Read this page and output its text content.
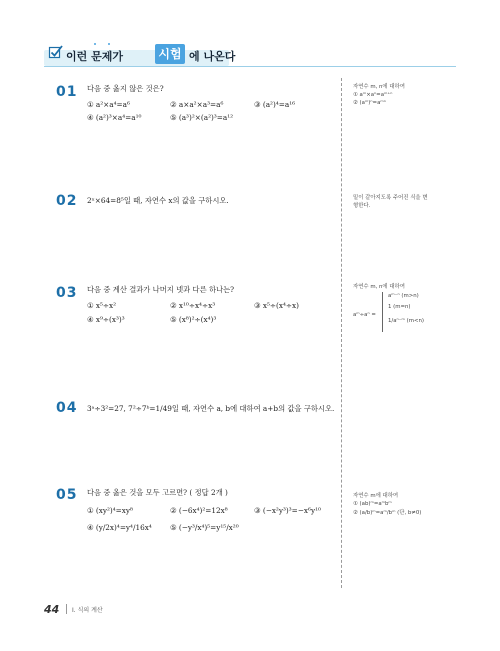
이런 문제가	시험 에 나온다
01 다음 중 옳지 않은 것은?
① a²×a⁴=a⁶	② a×a²×a³=a⁶	③ (a²)⁴=a¹⁶
④ (a²)³×a⁴=a¹⁰	⑤ (a³)²×(a²)³=a¹²
자연수 m, n에 대하여
① aᵐ×aⁿ=aᵐ⁺ⁿ
② (aᵐ)ⁿ=aᵐⁿ
02 2ˣ×64=8⁵일 때, 자연수 x의 값을 구하시오.	밑이 같아지도록 주어진 식을 변
형한다.
03 다음 중 계산 결과가 나머지 넷과 다른 하나는?
① x⁵÷x²	② x¹⁰÷x⁴÷x³	③ x⁵÷(x⁴÷x)
④ x⁹÷(x³)³	⑤ (x⁸)²÷(x⁴)³
자연수 m, n에 대하여
aᵐ÷aⁿ =
aᵐ⁻ⁿ (m>n)
1 (m=n)
1/aⁿ⁻ᵐ (m<n)
04 3ᵃ÷3²=27, 7²÷7ᵇ=1/49일 때, 자연수 a, b에 대하여 a+b의 값을 구하시오.
05 다음 중 옳은 것을 모두 고르면? ( 정답 2개 )
① (xy²)⁴=xy⁸	② (−6x⁴)²=12x⁸	③ (−x²y³)³=−x⁶y¹⁰
④ (y/2x)⁴=y⁴/16x⁴ ⑤ (−y³/x⁴)⁵=y¹⁵/x²⁰
자연수 m에 대하여
① (ab)ᵐ=aᵐbᵐ
② (a/b)ᵐ=aᵐ/bᵐ (단, b≠0)
44 Ⅰ. 식의 계산
